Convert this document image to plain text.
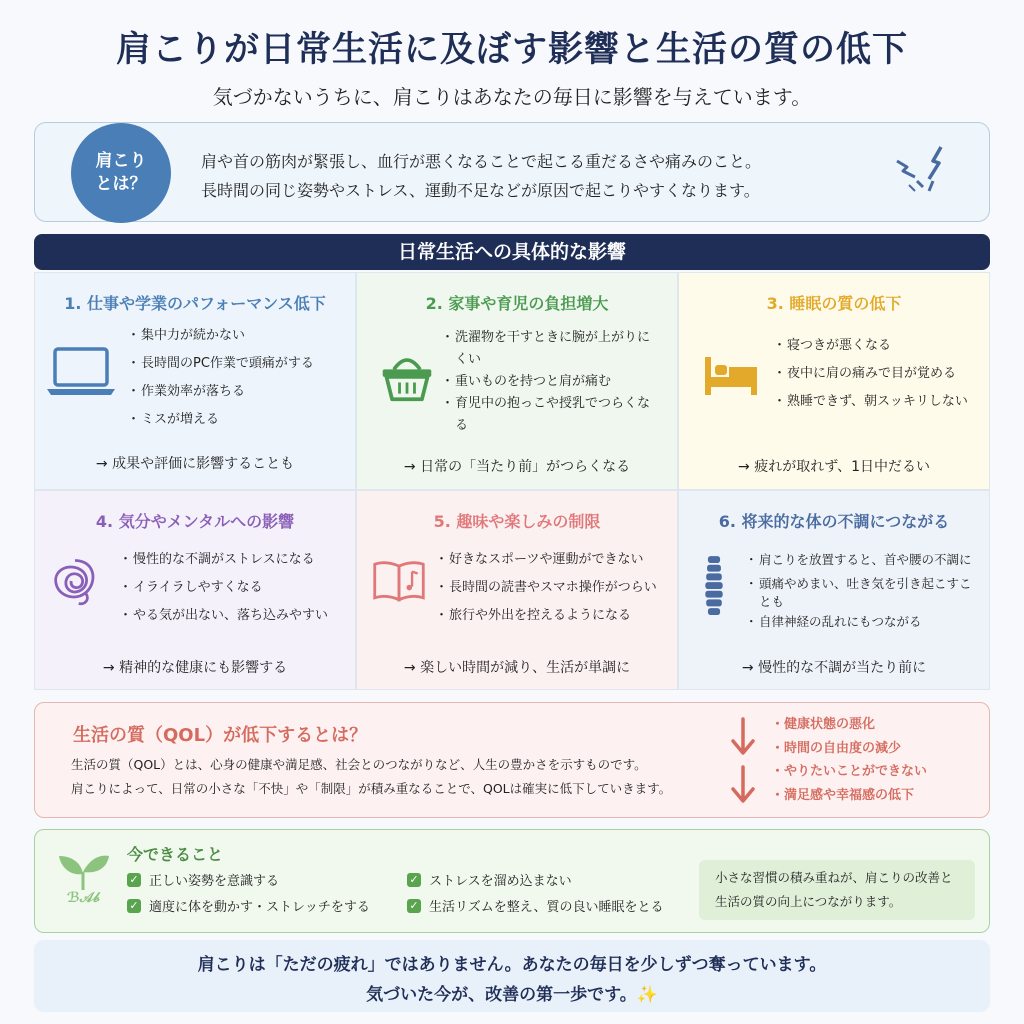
肩こりが日常生活に及ぼす影響と生活の質の低下
気づかないうちに、肩こりはあなたの毎日に影響を与えています。
肩こり
とは？
肩や首の筋肉が緊張し、血行が悪くなることで起こる重だるさや痛みのこと。
長時間の同じ姿勢やストレス、運動不足などが原因で起こりやすくなります。
日常生活への具体的な影響
1. 仕事や学業のパフォーマンス低下
・ 集中力が続かない
・ 長時間のPC作業で頭痛がする
・ 作業効率が落ちる
・ ミスが増える
→ 成果や評価に影響することも
2. 家事や育児の負担増大
・ 洗濯物を干すときに腕が上がりにくい
・ 重いものを持つと肩が痛む
・ 育児中の抱っこや授乳でつらくなる
→ 日常の「当たり前」がつらくなる
3. 睡眠の質の低下
・ 寝つきが悪くなる
・ 夜中に肩の痛みで目が覚める
・ 熟睡できず、朝スッキリしない
→ 疲れが取れず、1日中だるい
4. 気分やメンタルへの影響
・ 慢性的な不調がストレスになる
・ イライラしやすくなる
・ やる気が出ない、落ち込みやすい
→ 精神的な健康にも影響する
5. 趣味や楽しみの制限
・ 好きなスポーツや運動ができない
・ 長時間の読書やスマホ操作がつらい
・ 旅行や外出を控えるようになる
→ 楽しい時間が減り、生活が単調に
6. 将来的な体の不調につながる
・ 肩こりを放置すると、首や腰の不調に
・ 頭痛やめまい、吐き気を引き起こすことも
・ 自律神経の乱れにもつながる
→ 慢性的な不調が当たり前に
生活の質（QOL）が低下するとは？
生活の質（QOL）とは、心身の健康や満足感、社会とのつながりなど、人生の豊かさを示すものです。
肩こりによって、日常の小さな「不快」や「制限」が積み重なることで、QOLは確実に低下していきます。
・健康状態の悪化
・時間の自由度の減少
・やりたいことができない
・満足感や幸福感の低下
ℬ𝒜𝒷
今できること
✓ 正しい姿勢を意識する
✓ 適度に体を動かす・ストレッチをする
✓ ストレスを溜め込まない
✓ 生活リズムを整え、質の良い睡眠をとる
小さな習慣の積み重ねが、肩こりの改善と生活の質の向上につながります。
肩こりは「ただの疲れ」ではありません。あなたの毎日を少しずつ奪っています。
気づいた今が、改善の第一歩です。✨
